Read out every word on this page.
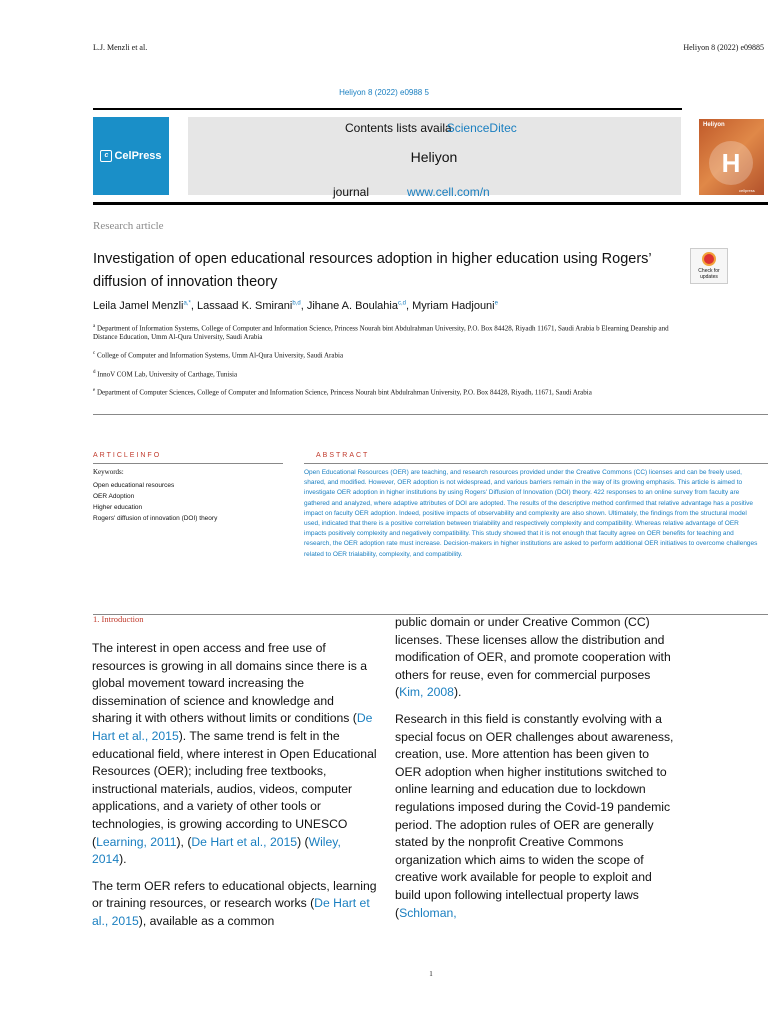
L.J. Menzli et al.	Heliyon 8 (2022) e09885
Heliyon 8 (2022) e0988 5
c CelPress
Contents lists availaScienceDitec
Heliyon
journal	www.cell.com/n
Heliyon
H
cellpress
Research article
Investigation of open educational resources adoption in higher education using Rogers’ diffusion of innovation theory
Check for updates
Leila Jamel Menzli$^{a,*}$, Lassaad K. Smirani$^{b,d}$, Jihane A. Boulahia$^{c,d}$, Myriam Hadjouni$^e$
$^a$ Department of Information Systems, College of Computer and Information Science, Princess Nourah bint Abdulrahman University, P.O. Box 84428, Riyadh 11671, Saudi Arabia b Elearning Deanship and Distance Education, Umm Al-Qura University, Saudi Arabia
$^c$ College of Computer and Information Systems, Umm Al-Qura University, Saudi Arabia
$^d$ InnoV COM Lab, University of Carthage, Tunisia
$^e$ Department of Computer Sciences, College of Computer and Information Science, Princess Nourah bint Abdulrahman University, P.O. Box 84428, Riyadh, 11671, Saudi Arabia
ARTICLEINFO
Keywords:
Open educational resources
OER Adoption
Higher education
Rogers' diffusion of innovation (DOI) theory
ABSTRACT
Open Educational Resources (OER) are teaching, and research resources provided under the Creative Commons (CC) licenses and can be freely used, shared, and modified. However, OER adoption is not widespread, and various barriers remain in the way of its growing emphasis. This article is aimed to investigate OER adoption in higher institutions by using Rogers' Diffusion of Innovation (DOI) theory. 422 responses to an online survey from faculty are gathered and analyzed, where adaptive attributes of DOI are adopted. The results of the descriptive method confirmed that relative advantage has a positive impact on faculty OER adoption. Indeed, positive impacts of observability and complexity are also shown. Ultimately, the findings from the structural model used, indicated that there is a positive correlation between trialability and respectively complexity and compatibility. Whereas relative advantage of OER impacts positively complexity and negatively compatibility. This study showed that it is not enough that faculty agree on OER benefits for teaching and research, the OER adoption rate must increase. Decision-makers in higher institutions are asked to perform additional OER initiatives to overcome challenges related to OER trialability, complexity, and compatibility.
1. Introduction

The interest in open access and free use of resources is growing in all domains since there is a global movement toward increasing the dissemination of science and knowledge and sharing it with others without limits or conditions (De Hart et al., 2015). The same trend is felt in the educational field, where interest in Open Educational Resources (OER); including free textbooks, instructional materials, audios, videos, computer applications, and a variety of other tools or technologies, is growing according to UNESCO (Learning, 2011), (De Hart et al., 2015) (Wiley, 2014).

The term OER refers to educational objects, learning or training resources, or research works (De Hart et al., 2015), available as a common

public domain or under Creative Common (CC) licenses. These licenses allow the distribution and modification of OER, and promote cooperation with others for reuse, even for commercial purposes (Kim, 2008).

Research in this field is constantly evolving with a special focus on OER challenges about awareness, creation, use. More attention has been given to OER adoption when higher institutions switched to online learning and education due to lockdown regulations imposed during the Covid-19 pandemic period. The adoption rules of OER are generally stated by the nonprofit Creative Commons organization which aims to widen the scope of creative work available for people to exploit and build upon following intellectual property laws (Schloman,

1
